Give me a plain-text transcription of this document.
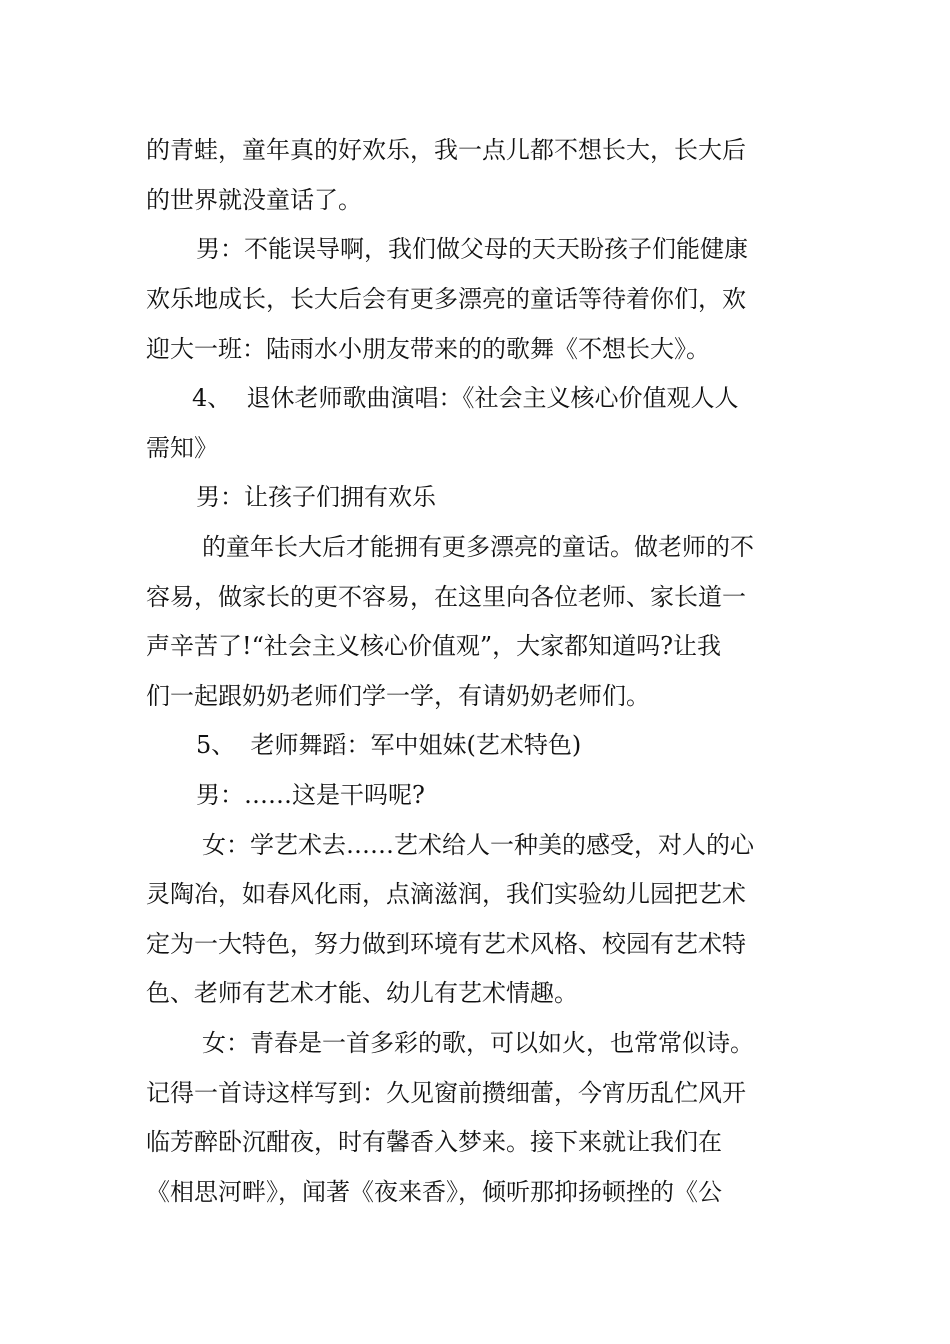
的青蛙，童年真的好欢乐，我一点儿都不想长大，长大后
的世界就没童话了。
男：不能误导啊，我们做父母的天天盼孩子们能健康
欢乐地成长，长大后会有更多漂亮的童话等待着你们，欢
迎大一班：陆雨水小朋友带来的的歌舞《不想长大》。
4、  退休老师歌曲演唱：《社会主义核心价值观人人
需知》
男：让孩子们拥有欢乐
的童年长大后才能拥有更多漂亮的童话。做老师的不
容易，做家长的更不容易，在这里向各位老师、家长道一
声辛苦了!“社会主义核心价值观”，大家都知道吗?让我
们一起跟奶奶老师们学一学，有请奶奶老师们。
5、  老师舞蹈：军中姐妹(艺术特色)
男：……这是干吗呢?
女：学艺术去……艺术给人一种美的感受，对人的心
灵陶冶，如春风化雨，点滴滋润，我们实验幼儿园把艺术
定为一大特色，努力做到环境有艺术风格、校园有艺术特
色、老师有艺术才能、幼儿有艺术情趣。
女：青春是一首多彩的歌，可以如火，也常常似诗。
记得一首诗这样写到：久见窗前攒细蕾，今宵历乱伫风开
临芳醉卧沉酣夜，时有馨香入梦来。接下来就让我们在
《相思河畔》，闻著《夜来香》，倾听那抑扬顿挫的《公
